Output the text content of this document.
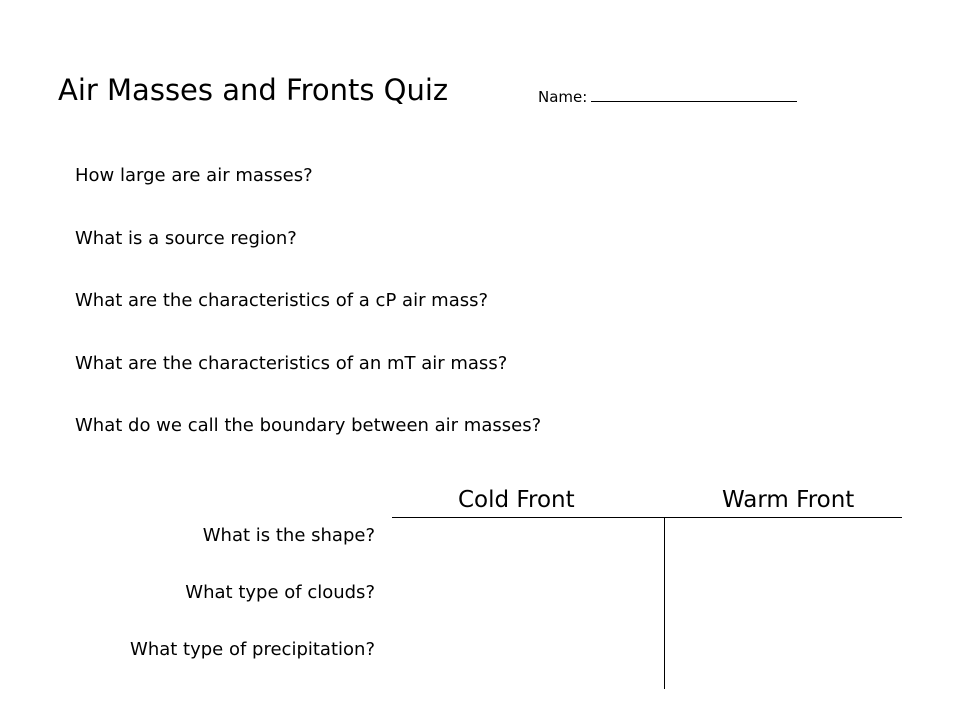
Air Masses and Fronts Quiz	Name:
How large are air masses?
What is a source region?
What are the characteristics of a cP air mass?
What are the characteristics of an mT air mass?
What do we call the boundary between air masses?
Cold Front	Warm Front
What is the shape?
What type of clouds?
What type of precipitation?
